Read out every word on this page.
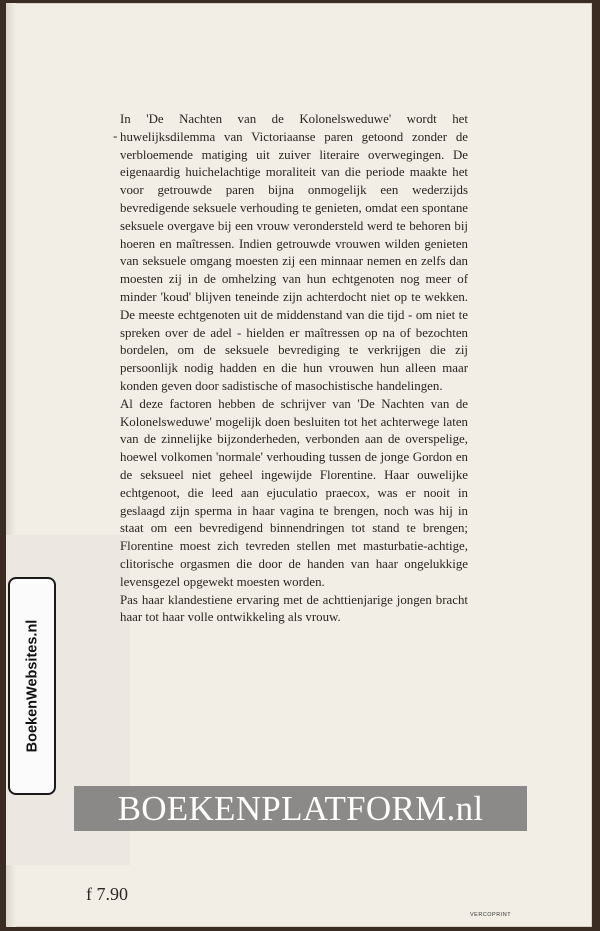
In 'De Nachten van de Kolonelsweduwe' wordt het huwelijksdilemma van Victoriaanse paren getoond zonder de verbloemende matiging uit zuiver literaire overwegingen. De eigenaardig huichelachtige moraliteit van die periode maakte het voor getrouwde paren bijna onmogelijk een wederzijds bevredigende seksuele verhouding te genieten, omdat een spontane seksuele overgave bij een vrouw verondersteld werd te behoren bij hoeren en maîtressen. Indien getrouwde vrouwen wilden genieten van seksuele omgang moesten zij een minnaar nemen en zelfs dan moesten zij in de omhelzing van hun echtgenoten nog meer of minder 'koud' blijven teneinde zijn achterdocht niet op te wekken. De meeste echtgenoten uit de middenstand van die tijd - om niet te spreken over de adel - hielden er maîtressen op na of bezochten bordelen, om de seksuele bevrediging te verkrijgen die zij persoonlijk nodig hadden en die hun vrouwen hun alleen maar konden geven door sadistische of masochistische handelingen.

Al deze factoren hebben de schrijver van 'De Nachten van de Kolonelsweduwe' mogelijk doen besluiten tot het achterwege laten van de zinnelijke bijzonderheden, verbonden aan de overspelige, hoewel volkomen 'normale' verhouding tussen de jonge Gordon en de seksueel niet geheel ingewijde Florentine. Haar ouwelijke echtgenoot, die leed aan ejuculatio praecox, was er nooit in geslaagd zijn sperma in haar vagina te brengen, noch was hij in staat om een bevredigend binnendringen tot stand te brengen; Florentine moest zich tevreden stellen met masturbatie-achtige, clitorische orgasmen die door de handen van haar ongelukkige levensgezel opgewekt moesten worden.

Pas haar klandestiene ervaring met de achttienjarige jongen bracht haar tot haar volle ontwikkeling als vrouw.

-
BoekenWebsites.nl
BOEKENPLATFORM.nl
f 7.90
VERCOPRINT
